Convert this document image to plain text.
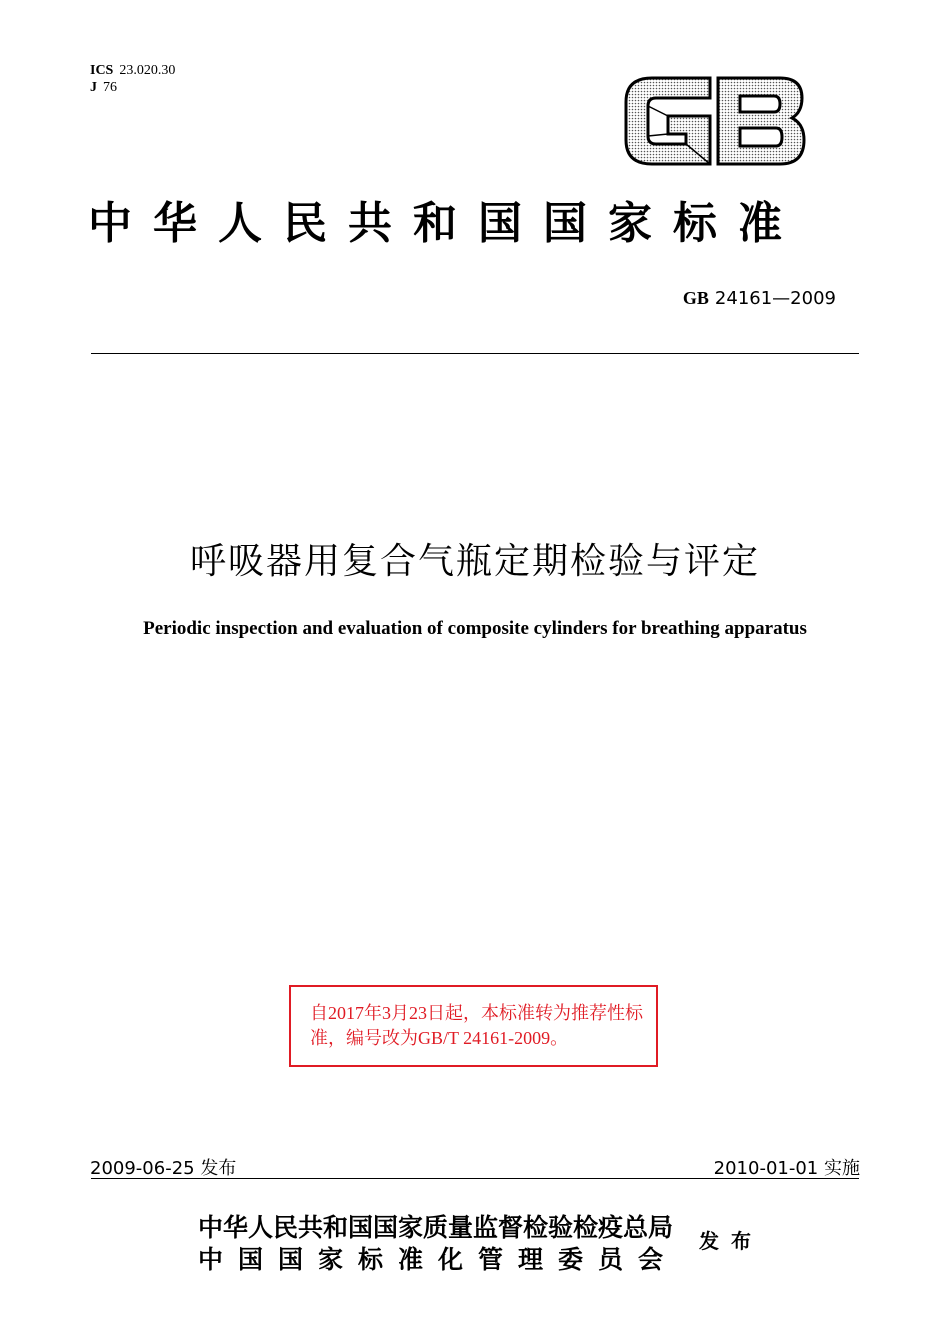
ICS 23.020.30
J 76
中华人民共和国国家标准
GB 24161—2009
呼吸器用复合气瓶定期检验与评定
Periodic inspection and evaluation of composite cylinders for breathing apparatus
自2017年3月23日起，本标准转为推荐性标准，编号改为GB/T 24161-2009。
2009-06-25 发布	2010-01-01 实施
中华人民共和国国家质量监督检验检疫总局
中国国家标准化管理委员会
发布
